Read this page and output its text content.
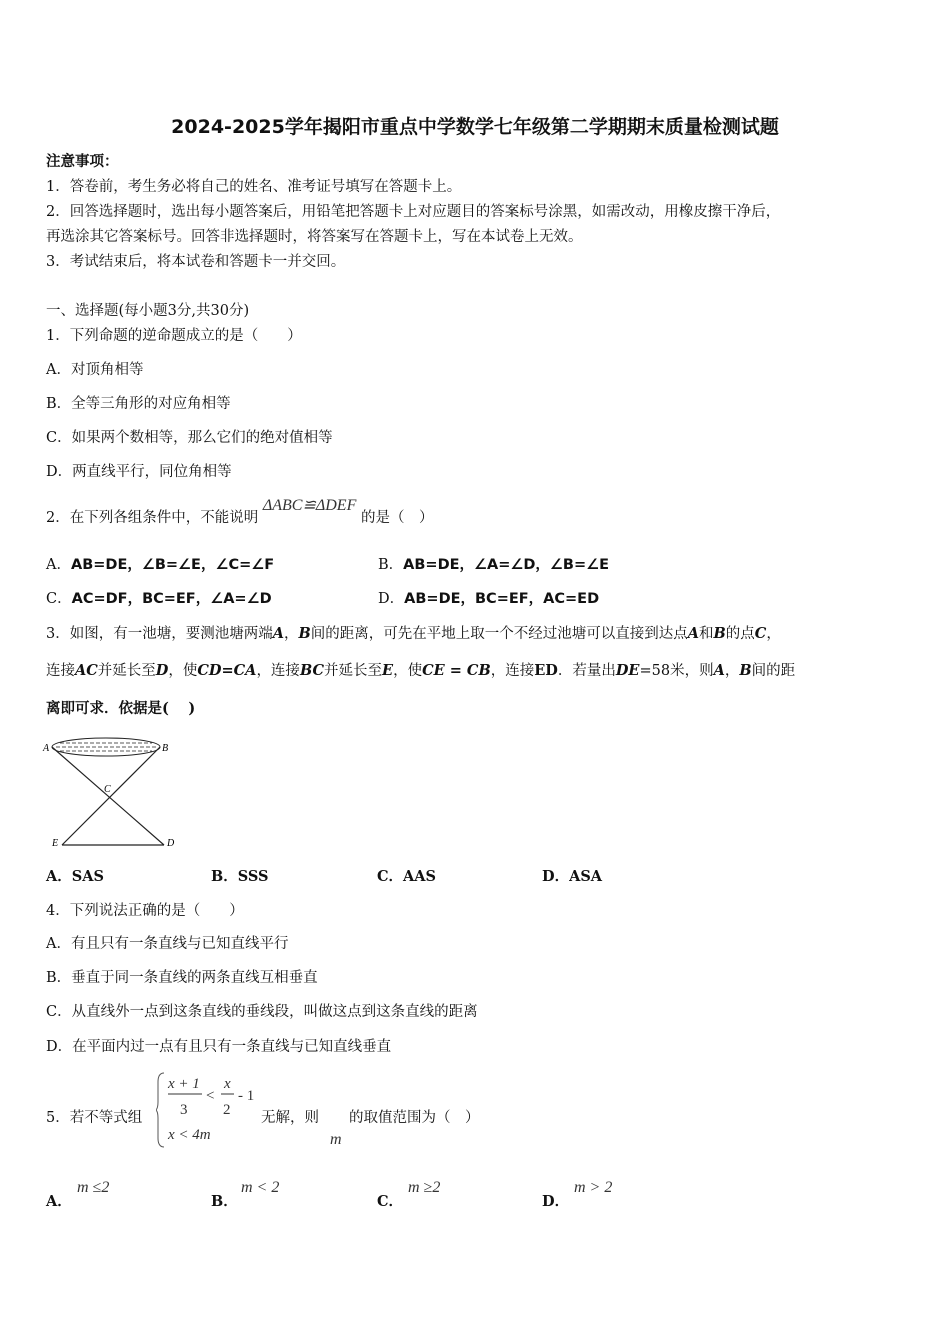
2024-2025学年揭阳市重点中学数学七年级第二学期期末质量检测试题
注意事项：
1．答卷前，考生务必将自己的姓名、准考证号填写在答题卡上。
2．回答选择题时，选出每小题答案后，用铅笔把答题卡上对应题目的答案标号涂黑，如需改动，用橡皮擦干净后，
再选涂其它答案标号。回答非选择题时，将答案写在答题卡上，写在本试卷上无效。
3．考试结束后，将本试卷和答题卡一并交回。
一、选择题(每小题3分,共30分)
1．下列命题的逆命题成立的是（　　）
A．对顶角相等
B．全等三角形的对应角相等
C．如果两个数相等，那么它们的绝对值相等
D．两直线平行，同位角相等
2．在下列各组条件中，不能说明 ΔABC≌ΔDEF 的是（　）
A．AB=DE，∠B=∠E，∠C=∠F	B．AB=DE，∠A=∠D，∠B=∠E
C．AC=DF，BC=EF，∠A=∠D	D．AB=DE，BC=EF，AC=ED
3．如图，有一池塘，要测池塘两端A，B间的距离，可先在平地上取一个不经过池塘可以直接到达点A和B的点C，
连接AC并延长至D，使CD=CA，连接BC并延长至E，使CE = CB，连接ED．若量出DE=58米，则A，B间的距
离即可求．依据是(　 )
A	B
C
E	D
A．SAS	B．SSS	C．AAS	D．ASA
4．下列说法正确的是（　　）
A．有且只有一条直线与已知直线平行
B．垂直于同一条直线的两条直线互相垂直
C．从直线外一点到这条直线的垂线段，叫做这点到这条直线的距离
D．在平面内过一点有且只有一条直线与已知直线垂直
5．若不等式组
x + 1
3
<
x
2
- 1
x < 4m
无解，则
m
的取值范围为（　）
A．
m ≤2
B．
m < 2
C．
m ≥2
D．
m > 2
